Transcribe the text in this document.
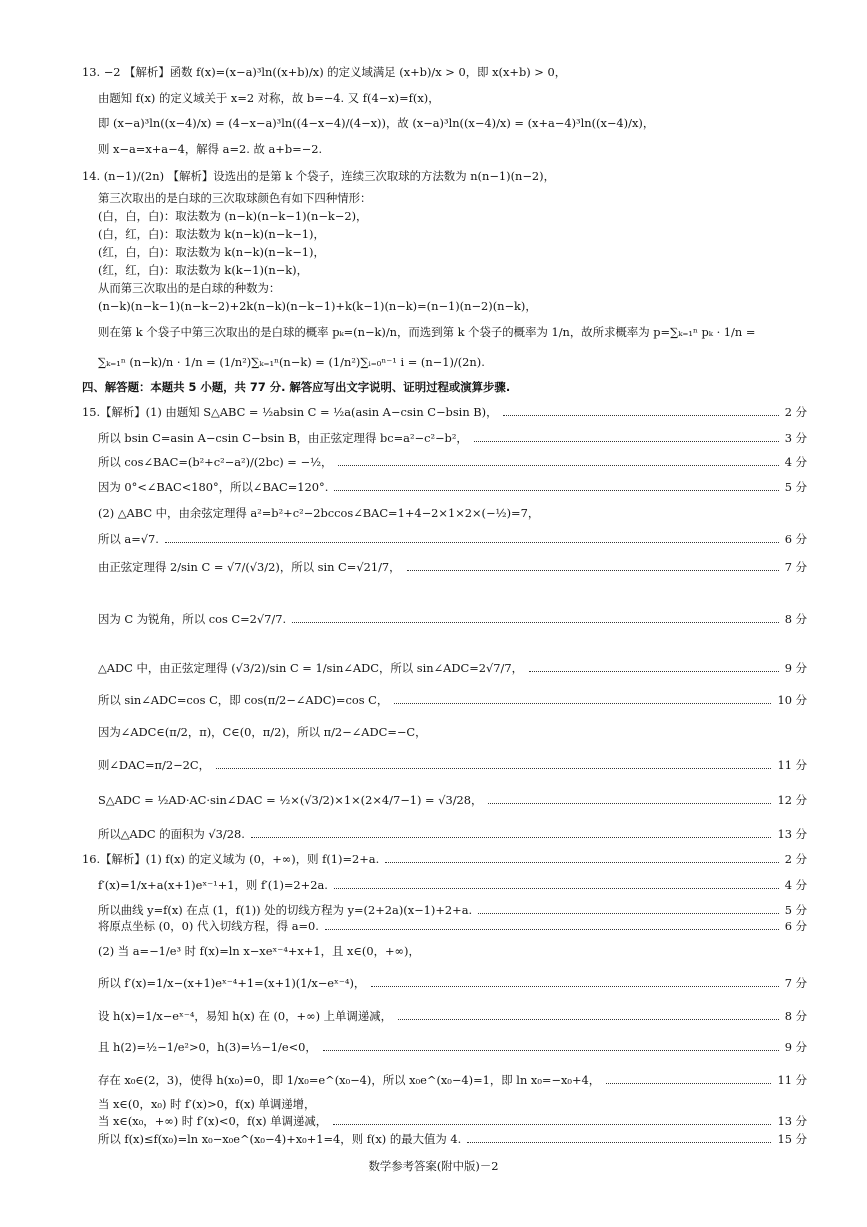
13. −2 【解析】函数 f(x)=(x−a)³ln((x+b)/x) 的定义域满足 (x+b)/x > 0，即 x(x+b) > 0，
由题知 f(x) 的定义域关于 x=2 对称，故 b=−4. 又 f(4−x)=f(x)，
即 (x−a)³ln((x−4)/x) = (4−x−a)³ln((4−x−4)/(4−x))，故 (x−a)³ln((x−4)/x) = (x+a−4)³ln((x−4)/x)，
则 x−a=x+a−4，解得 a=2. 故 a+b=−2.
14. (n−1)/(2n) 【解析】设选出的是第 k 个袋子，连续三次取球的方法数为 n(n−1)(n−2)，
第三次取出的是白球的三次取球颜色有如下四种情形：
(白，白，白)：取法数为 (n−k)(n−k−1)(n−k−2)，
(白，红，白)：取法数为 k(n−k)(n−k−1)，
(红，白，白)：取法数为 k(n−k)(n−k−1)，
(红，红，白)：取法数为 k(k−1)(n−k)，
从而第三次取出的是白球的种数为：
(n−k)(n−k−1)(n−k−2)+2k(n−k)(n−k−1)+k(k−1)(n−k)=(n−1)(n−2)(n−k)，
则在第 k 个袋子中第三次取出的是白球的概率 pₖ=(n−k)/n，而选到第 k 个袋子的概率为 1/n，故所求概率为 p=∑ₖ₌₁ⁿ pₖ · 1/n =
∑ₖ₌₁ⁿ (n−k)/n · 1/n = (1/n²)∑ₖ₌₁ⁿ(n−k) = (1/n²)∑ᵢ₌₀ⁿ⁻¹ i = (n−1)/(2n).
四、解答题：本题共 5 小题，共 77 分. 解答应写出文字说明、证明过程或演算步骤.
15.【解析】(1) 由题知 S△ABC = ½absin C = ½a(asin A−csin C−bsin B)，	2 分
所以 bsin C=asin A−csin C−bsin B，由正弦定理得 bc=a²−c²−b²，	3 分
所以 cos∠BAC=(b²+c²−a²)/(2bc) = −½，	4 分
因为 0°<∠BAC<180°，所以∠BAC=120°.	5 分
(2) △ABC 中，由余弦定理得 a²=b²+c²−2bccos∠BAC=1+4−2×1×2×(−½)=7，
所以 a=√7.	6 分
由正弦定理得 2/sin C = √7/(√3/2)，所以 sin C=√21/7，	7 分
因为 C 为锐角，所以 cos C=2√7/7.	8 分
△ADC 中，由正弦定理得 (√3/2)/sin C = 1/sin∠ADC，所以 sin∠ADC=2√7/7，	9 分
所以 sin∠ADC=cos C，即 cos(π/2−∠ADC)=cos C，	10 分
因为∠ADC∈(π/2，π)，C∈(0，π/2)，所以 π/2−∠ADC=−C，
则∠DAC=π/2−2C，	11 分
S△ADC = ½AD·AC·sin∠DAC = ½×(√3/2)×1×(2×4/7−1) = √3/28，	12 分
所以△ADC 的面积为 √3/28.	13 分
16.【解析】(1) f(x) 的定义域为 (0，+∞)，则 f(1)=2+a.	2 分
f′(x)=1/x+a(x+1)eˣ⁻¹+1，则 f′(1)=2+2a.	4 分
所以曲线 y=f(x) 在点 (1，f(1)) 处的切线方程为 y=(2+2a)(x−1)+2+a.	5 分
将原点坐标 (0，0) 代入切线方程，得 a=0.	6 分
(2) 当 a=−1/e³ 时 f(x)=ln x−xeˣ⁻⁴+x+1，且 x∈(0，+∞)，
所以 f′(x)=1/x−(x+1)eˣ⁻⁴+1=(x+1)(1/x−eˣ⁻⁴)，	7 分
设 h(x)=1/x−eˣ⁻⁴，易知 h(x) 在 (0，+∞) 上单调递减，	8 分
且 h(2)=½−1/e²>0，h(3)=⅓−1/e<0，	9 分
存在 x₀∈(2，3)，使得 h(x₀)=0，即 1/x₀=e^(x₀−4)，所以 x₀e^(x₀−4)=1，即 ln x₀=−x₀+4，	11 分
当 x∈(0，x₀) 时 f′(x)>0，f(x) 单调递增，
当 x∈(x₀，+∞) 时 f′(x)<0，f(x) 单调递减，	13 分
所以 f(x)≤f(x₀)=ln x₀−x₀e^(x₀−4)+x₀+1=4，则 f(x) 的最大值为 4.	15 分
数学参考答案(附中版)－2
